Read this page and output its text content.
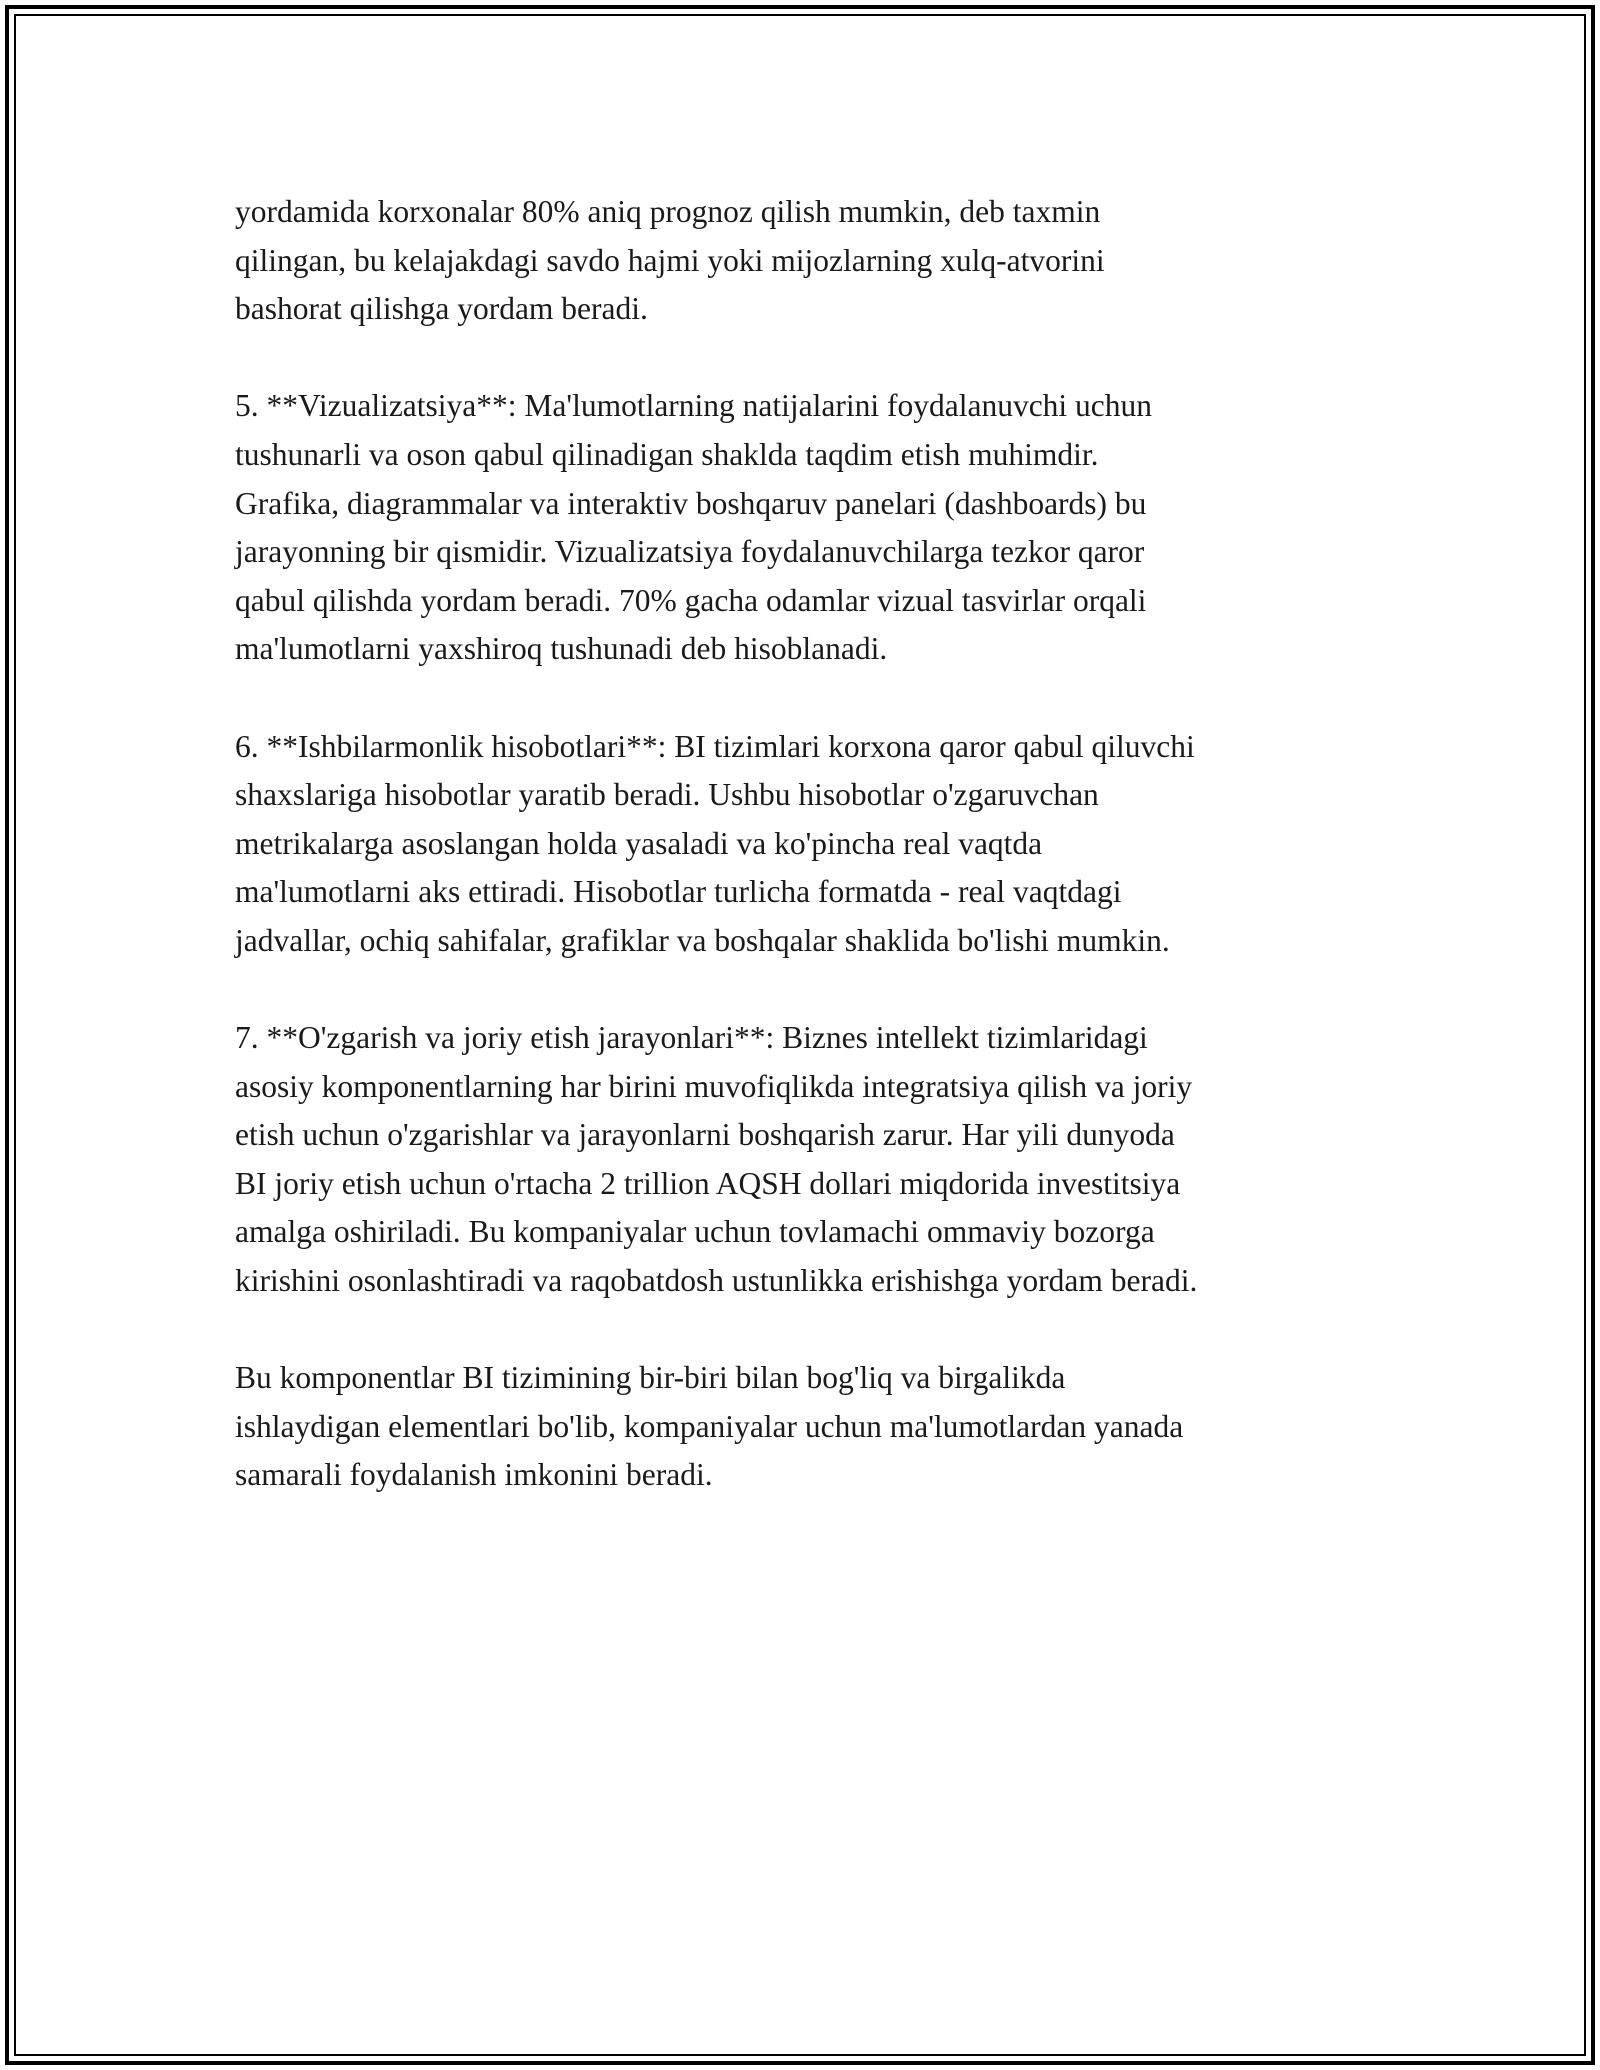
yordamida korxonalar 80% aniq prognoz qilish mumkin, deb taxmin
qilingan, bu kelajakdagi savdo hajmi yoki mijozlarning xulq-atvorini
bashorat qilishga yordam beradi.

5. **Vizualizatsiya**: Ma'lumotlarning natijalarini foydalanuvchi uchun
tushunarli va oson qabul qilinadigan shaklda taqdim etish muhimdir.
Grafika, diagrammalar va interaktiv boshqaruv panelari (dashboards) bu
jarayonning bir qismidir. Vizualizatsiya foydalanuvchilarga tezkor qaror
qabul qilishda yordam beradi. 70% gacha odamlar vizual tasvirlar orqali
ma'lumotlarni yaxshiroq tushunadi deb hisoblanadi.

6. **Ishbilarmonlik hisobotlari**: BI tizimlari korxona qaror qabul qiluvchi
shaxslariga hisobotlar yaratib beradi. Ushbu hisobotlar o'zgaruvchan
metrikalarga asoslangan holda yasaladi va ko'pincha real vaqtda
ma'lumotlarni aks ettiradi. Hisobotlar turlicha formatda - real vaqtdagi
jadvallar, ochiq sahifalar, grafiklar va boshqalar shaklida bo'lishi mumkin.

7. **O'zgarish va joriy etish jarayonlari**: Biznes intellekt tizimlaridagi
asosiy komponentlarning har birini muvofiqlikda integratsiya qilish va joriy
etish uchun o'zgarishlar va jarayonlarni boshqarish zarur. Har yili dunyoda
BI joriy etish uchun o'rtacha 2 trillion AQSH dollari miqdorida investitsiya
amalga oshiriladi. Bu kompaniyalar uchun tovlamachi ommaviy bozorga
kirishini osonlashtiradi va raqobatdosh ustunlikka erishishga yordam beradi.

Bu komponentlar BI tizimining bir-biri bilan bog'liq va birgalikda
ishlaydigan elementlari bo'lib, kompaniyalar uchun ma'lumotlardan yanada
samarali foydalanish imkonini beradi.
